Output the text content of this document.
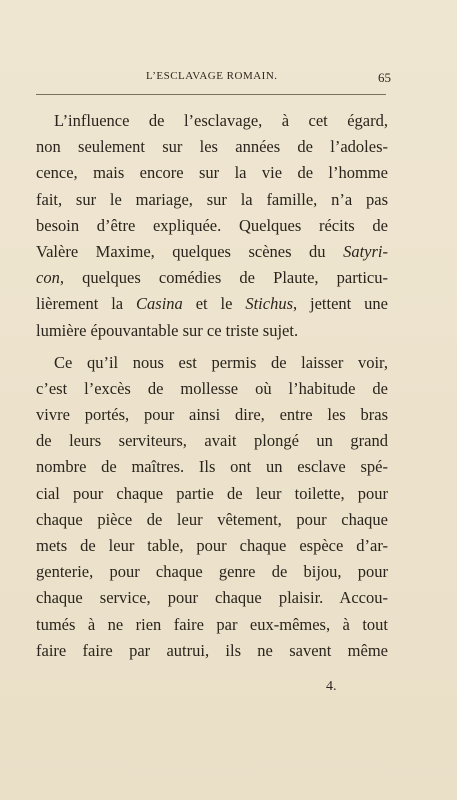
L’ESCLAVAGE ROMAIN.	65
L’influence de l’esclavage, à cet égard,
non seulement sur les années de l’adoles-
cence, mais encore sur la vie de l’homme
fait, sur le mariage, sur la famille, n’a pas
besoin d’être expliquée. Quelques récits de
Valère Maxime, quelques scènes du Satyri-
con, quelques comédies de Plaute, particu-
lièrement la Casina et le Stichus, jettent une
lumière épouvantable sur ce triste sujet.
Ce qu’il nous est permis de laisser voir,
c’est l’excès de mollesse où l’habitude de
vivre portés, pour ainsi dire, entre les bras
de leurs serviteurs, avait plongé un grand
nombre de maîtres. Ils ont un esclave spé-
cial pour chaque partie de leur toilette, pour
chaque pièce de leur vêtement, pour chaque
mets de leur table, pour chaque espèce d’ar-
genterie, pour chaque genre de bijou, pour
chaque service, pour chaque plaisir. Accou-
tumés à ne rien faire par eux-mêmes, à tout
faire faire par autrui, ils ne savent même
4.
